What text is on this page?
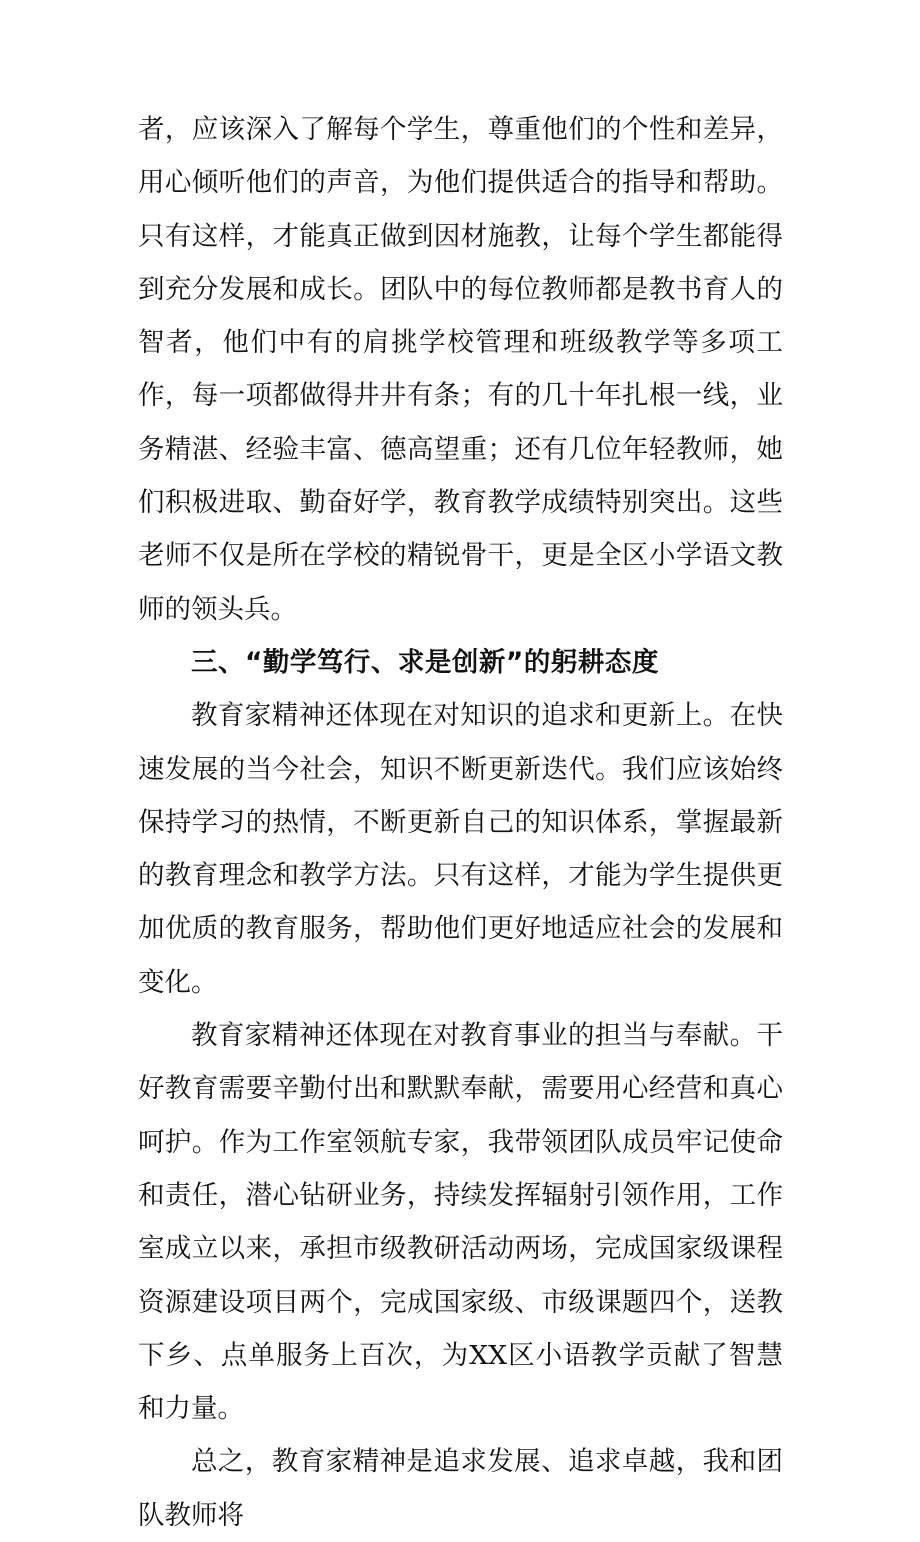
者，应该深入了解每个学生，尊重他们的个性和差异，用心倾听他们的声音，为他们提供适合的指导和帮助。只有这样，才能真正做到因材施教，让每个学生都能得到充分发展和成长。团队中的每位教师都是教书育人的智者，他们中有的肩挑学校管理和班级教学等多项工作，每一项都做得井井有条；有的几十年扎根一线，业务精湛、经验丰富、德高望重；还有几位年轻教师，她们积极进取、勤奋好学，教育教学成绩特别突出。这些老师不仅是所在学校的精锐骨干，更是全区小学语文教师的领头兵。

三、“勤学笃行、求是创新”的躬耕态度

教育家精神还体现在对知识的追求和更新上。在快速发展的当今社会，知识不断更新迭代。我们应该始终保持学习的热情，不断更新自己的知识体系，掌握最新的教育理念和教学方法。只有这样，才能为学生提供更加优质的教育服务，帮助他们更好地适应社会的发展和变化。

教育家精神还体现在对教育事业的担当与奉献。干好教育需要辛勤付出和默默奉献，需要用心经营和真心呵护。作为工作室领航专家，我带领团队成员牢记使命和责任，潜心钻研业务，持续发挥辐射引领作用，工作室成立以来，承担市级教研活动两场，完成国家级课程资源建设项目两个，完成国家级、市级课题四个，送教下乡、点单服务上百次，为XX区小语教学贡献了智慧和力量。

总之，教育家精神是追求发展、追求卓越，我和团队教师将
